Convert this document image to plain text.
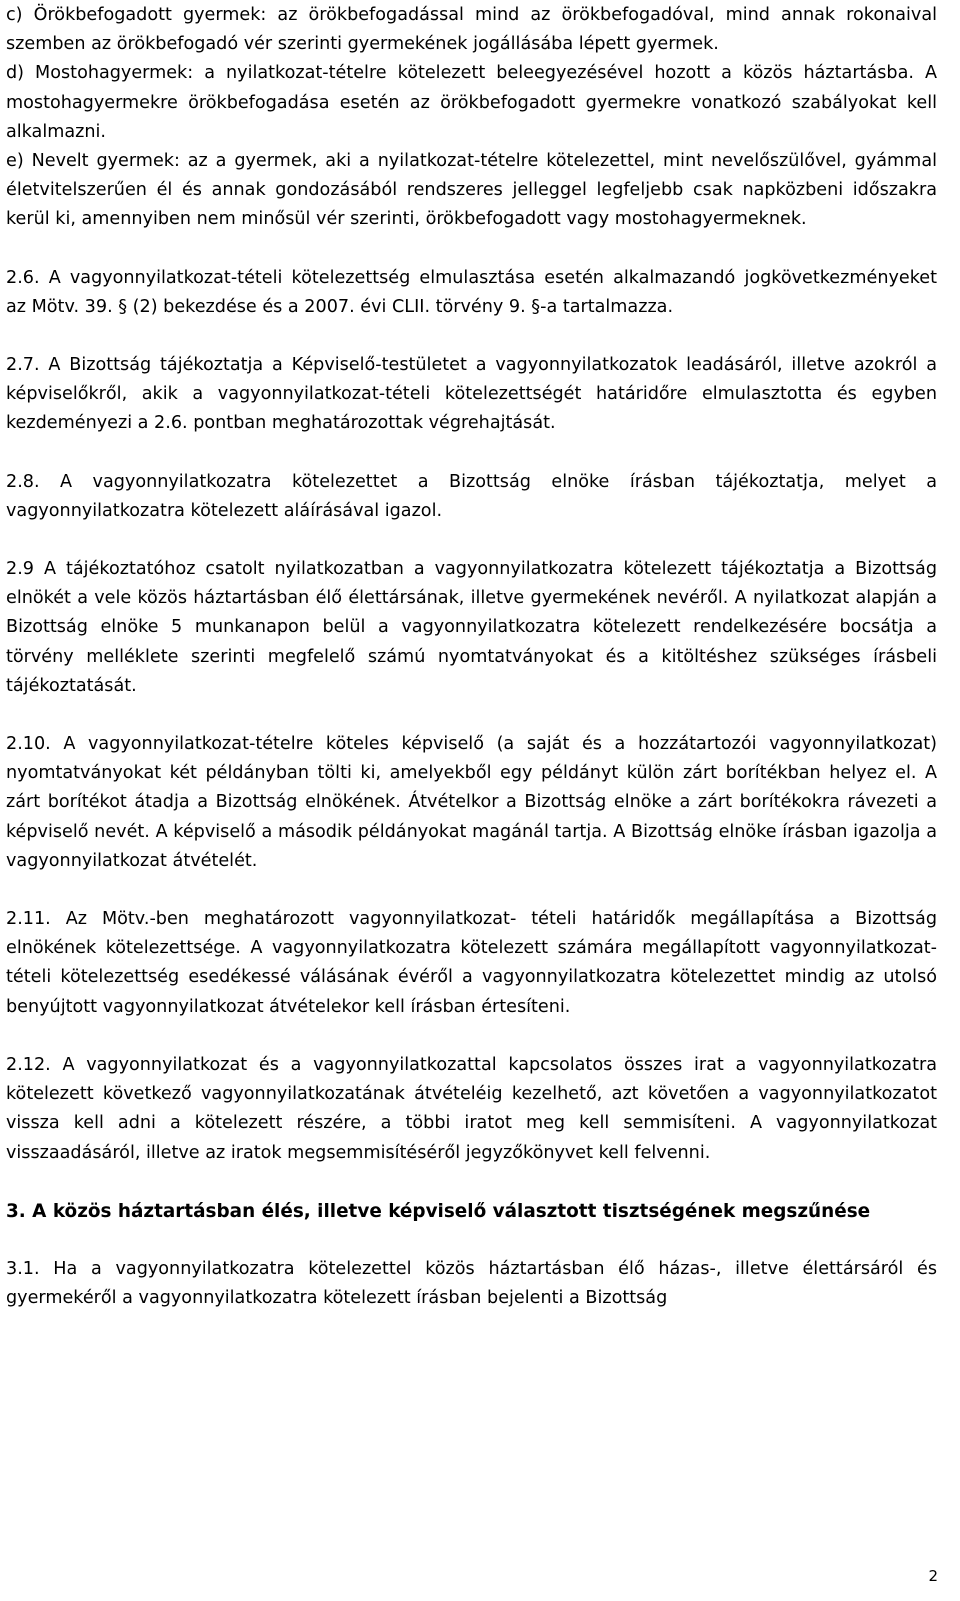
c) Örökbefogadott gyermek: az örökbefogadással mind az örökbefogadóval, mind annak rokonaival szemben az örökbefogadó vér szerinti gyermekének jogállásába lépett gyermek.

d) Mostohagyermek: a nyilatkozat-tételre kötelezett beleegyezésével hozott a közös háztartásba. A mostohagyermekre örökbefogadása esetén az örökbefogadott gyermekre vonatkozó szabályokat kell alkalmazni.

e) Nevelt gyermek: az a gyermek, aki a nyilatkozat-tételre kötelezettel, mint nevelőszülővel, gyámmal életvitelszerűen él és annak gondozásából rendszeres jelleggel legfeljebb csak napközbeni időszakra kerül ki, amennyiben nem minősül vér szerinti, örökbefogadott vagy mostohagyermeknek.

2.6. A vagyonnyilatkozat-tételi kötelezettség elmulasztása esetén alkalmazandó jogkövetkezményeket az Mötv. 39. § (2) bekezdése és a 2007. évi CLII. törvény 9. §-a tartalmazza.

2.7. A Bizottság tájékoztatja a Képviselő-testületet a vagyonnyilatkozatok leadásáról, illetve azokról a képviselőkről, akik a vagyonnyilatkozat-tételi kötelezettségét határidőre elmulasztotta és egyben kezdeményezi a 2.6. pontban meghatározottak végrehajtását.

2.8. A vagyonnyilatkozatra kötelezettet a Bizottság elnöke írásban tájékoztatja, melyet a vagyonnyilatkozatra kötelezett aláírásával igazol.

2.9 A tájékoztatóhoz csatolt nyilatkozatban a vagyonnyilatkozatra kötelezett tájékoztatja a Bizottság elnökét a vele közös háztartásban élő élettársának, illetve gyermekének nevéről. A nyilatkozat alapján a Bizottság elnöke 5 munkanapon belül a vagyonnyilatkozatra kötelezett rendelkezésére bocsátja a törvény melléklete szerinti megfelelő számú nyomtatványokat és a kitöltéshez szükséges írásbeli tájékoztatását.

2.10. A vagyonnyilatkozat-tételre köteles képviselő (a saját és a hozzátartozói vagyonnyilatkozat) nyomtatványokat két példányban tölti ki, amelyekből egy példányt külön zárt borítékban helyez el. A zárt borítékot átadja a Bizottság elnökének. Átvételkor a Bizottság elnöke a zárt borítékokra rávezeti a képviselő nevét. A képviselő a második példányokat magánál tartja. A Bizottság elnöke írásban igazolja a vagyonnyilatkozat átvételét.

2.11. Az Mötv.-ben meghatározott vagyonnyilatkozat- tételi határidők megállapítása a Bizottság elnökének kötelezettsége. A vagyonnyilatkozatra kötelezett számára megállapított vagyonnyilatkozat-tételi kötelezettség esedékessé válásának évéről a vagyonnyilatkozatra kötelezettet mindig az utolsó benyújtott vagyonnyilatkozat átvételekor kell írásban értesíteni.

2.12. A vagyonnyilatkozat és a vagyonnyilatkozattal kapcsolatos összes irat a vagyonnyilatkozatra kötelezett következő vagyonnyilatkozatának átvételéig kezelhető, azt követően a vagyonnyilatkozatot vissza kell adni a kötelezett részére, a többi iratot meg kell semmisíteni. A vagyonnyilatkozat visszaadásáról, illetve az iratok megsemmisítéséről jegyzőkönyvet kell felvenni.

3. A közös háztartásban élés, illetve képviselő választott tisztségének megszűnése

3.1. Ha a vagyonnyilatkozatra kötelezettel közös háztartásban élő házas-, illetve élettársáról és gyermekéről a vagyonnyilatkozatra kötelezett írásban bejelenti a Bizottság

2
